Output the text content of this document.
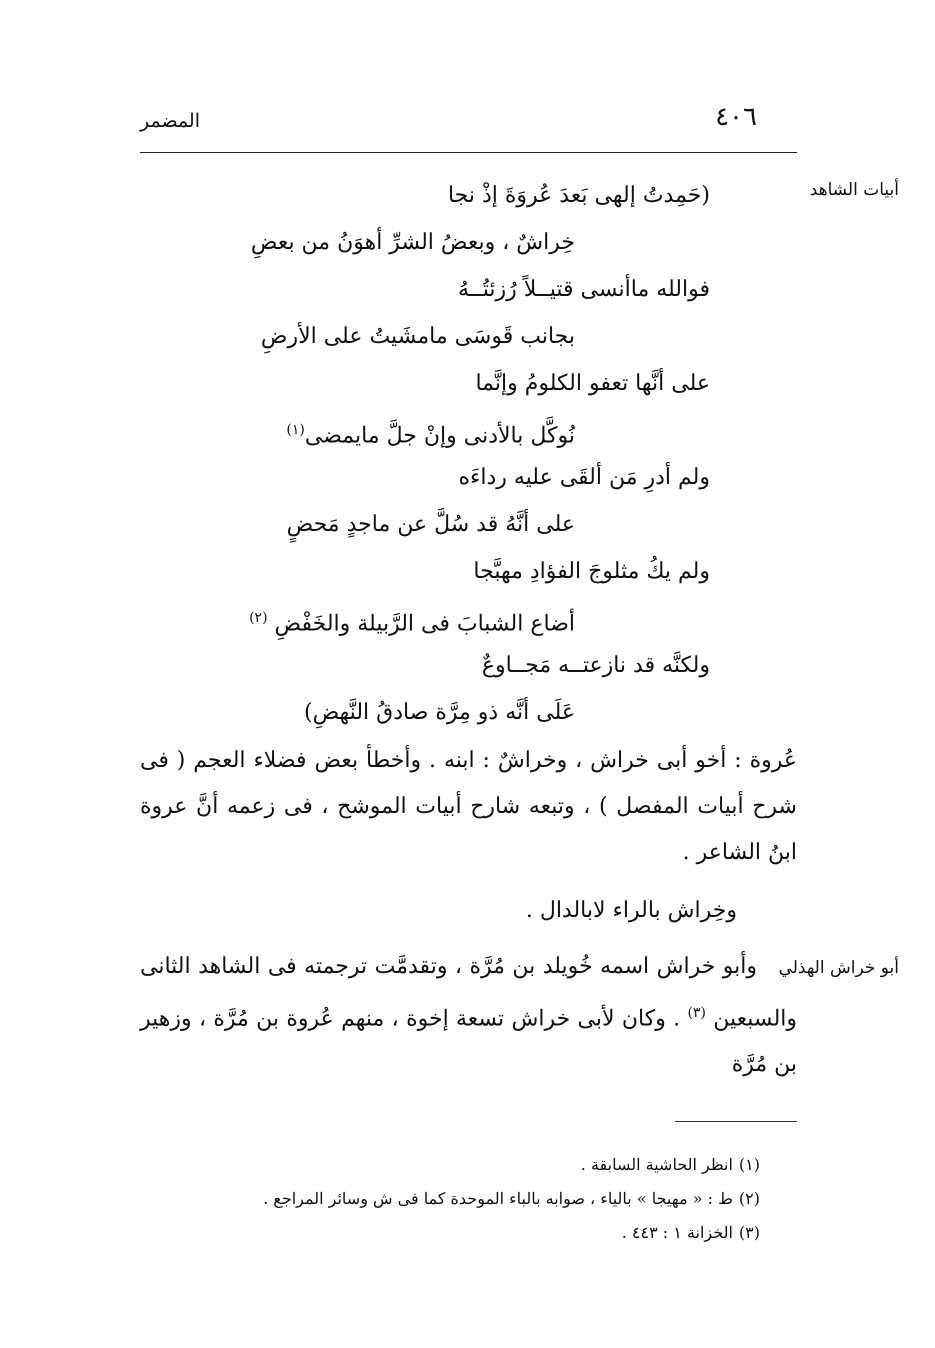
٤٠٦
المضمر
أبيات الشاهد
(حَمِدتُ إلهى بَعدَ عُروَةَ إذْ نجا
خِراشٌ ، وبعضُ الشرِّ أهوَنُ من بعضِ
فوالله ماأنسى قتيــلاً رُزئتُــهُ
بجانب قَوسَى مامشَيتُ على الأرضِ
على أنَّها تعفو الكلومُ وإنَّما
نُوكَّل بالأدنى وإنْ جلَّ مايمضى$^{(١)}$
ولم أدرِ مَن ألقَى عليه رداءَه
على أنَّهُ قد سُلَّ عن ماجدٍ مَحضٍ
ولم يكُ مثلوجَ الفؤادِ مهبَّجا
أضاع الشبابَ فى الرَّبيلة والخَفْضِ $^{(٢)}$
ولكنَّه قد نازعتــه مَجــاوعٌ
عَلَى أنَّه ذو مِرَّة صادقُ النَّهضِ)

عُروة : أخو أبى خراش ، وخراشٌ : ابنه . وأخطأ بعض فضلاء العجم ( فى شرح أبيات المفصل ) ، وتبعه شارح أبيات الموشح ، فى زعمه أنَّ عروة ابنُ الشاعر .

وخِراش بالراء لابالدال .

أبو خراش الهذلي

وأبو خراش اسمه خُويلد بن مُرَّة ، وتقدمَّت ترجمته فى الشاهد الثانى والسبعين $^{(٣)}$ . وكان لأبى خراش تسعة إخوة ، منهم عُروة بن مُرَّة ، وزهير بن مُرَّة

(١)انظر الحاشية السابقة .
(٢)ط : « مهيجا » بالياء ، صوابه بالباء الموحدة كما فى ش وسائر المراجع .
(٣)الخزانة ١ : ٤٤٣ .
